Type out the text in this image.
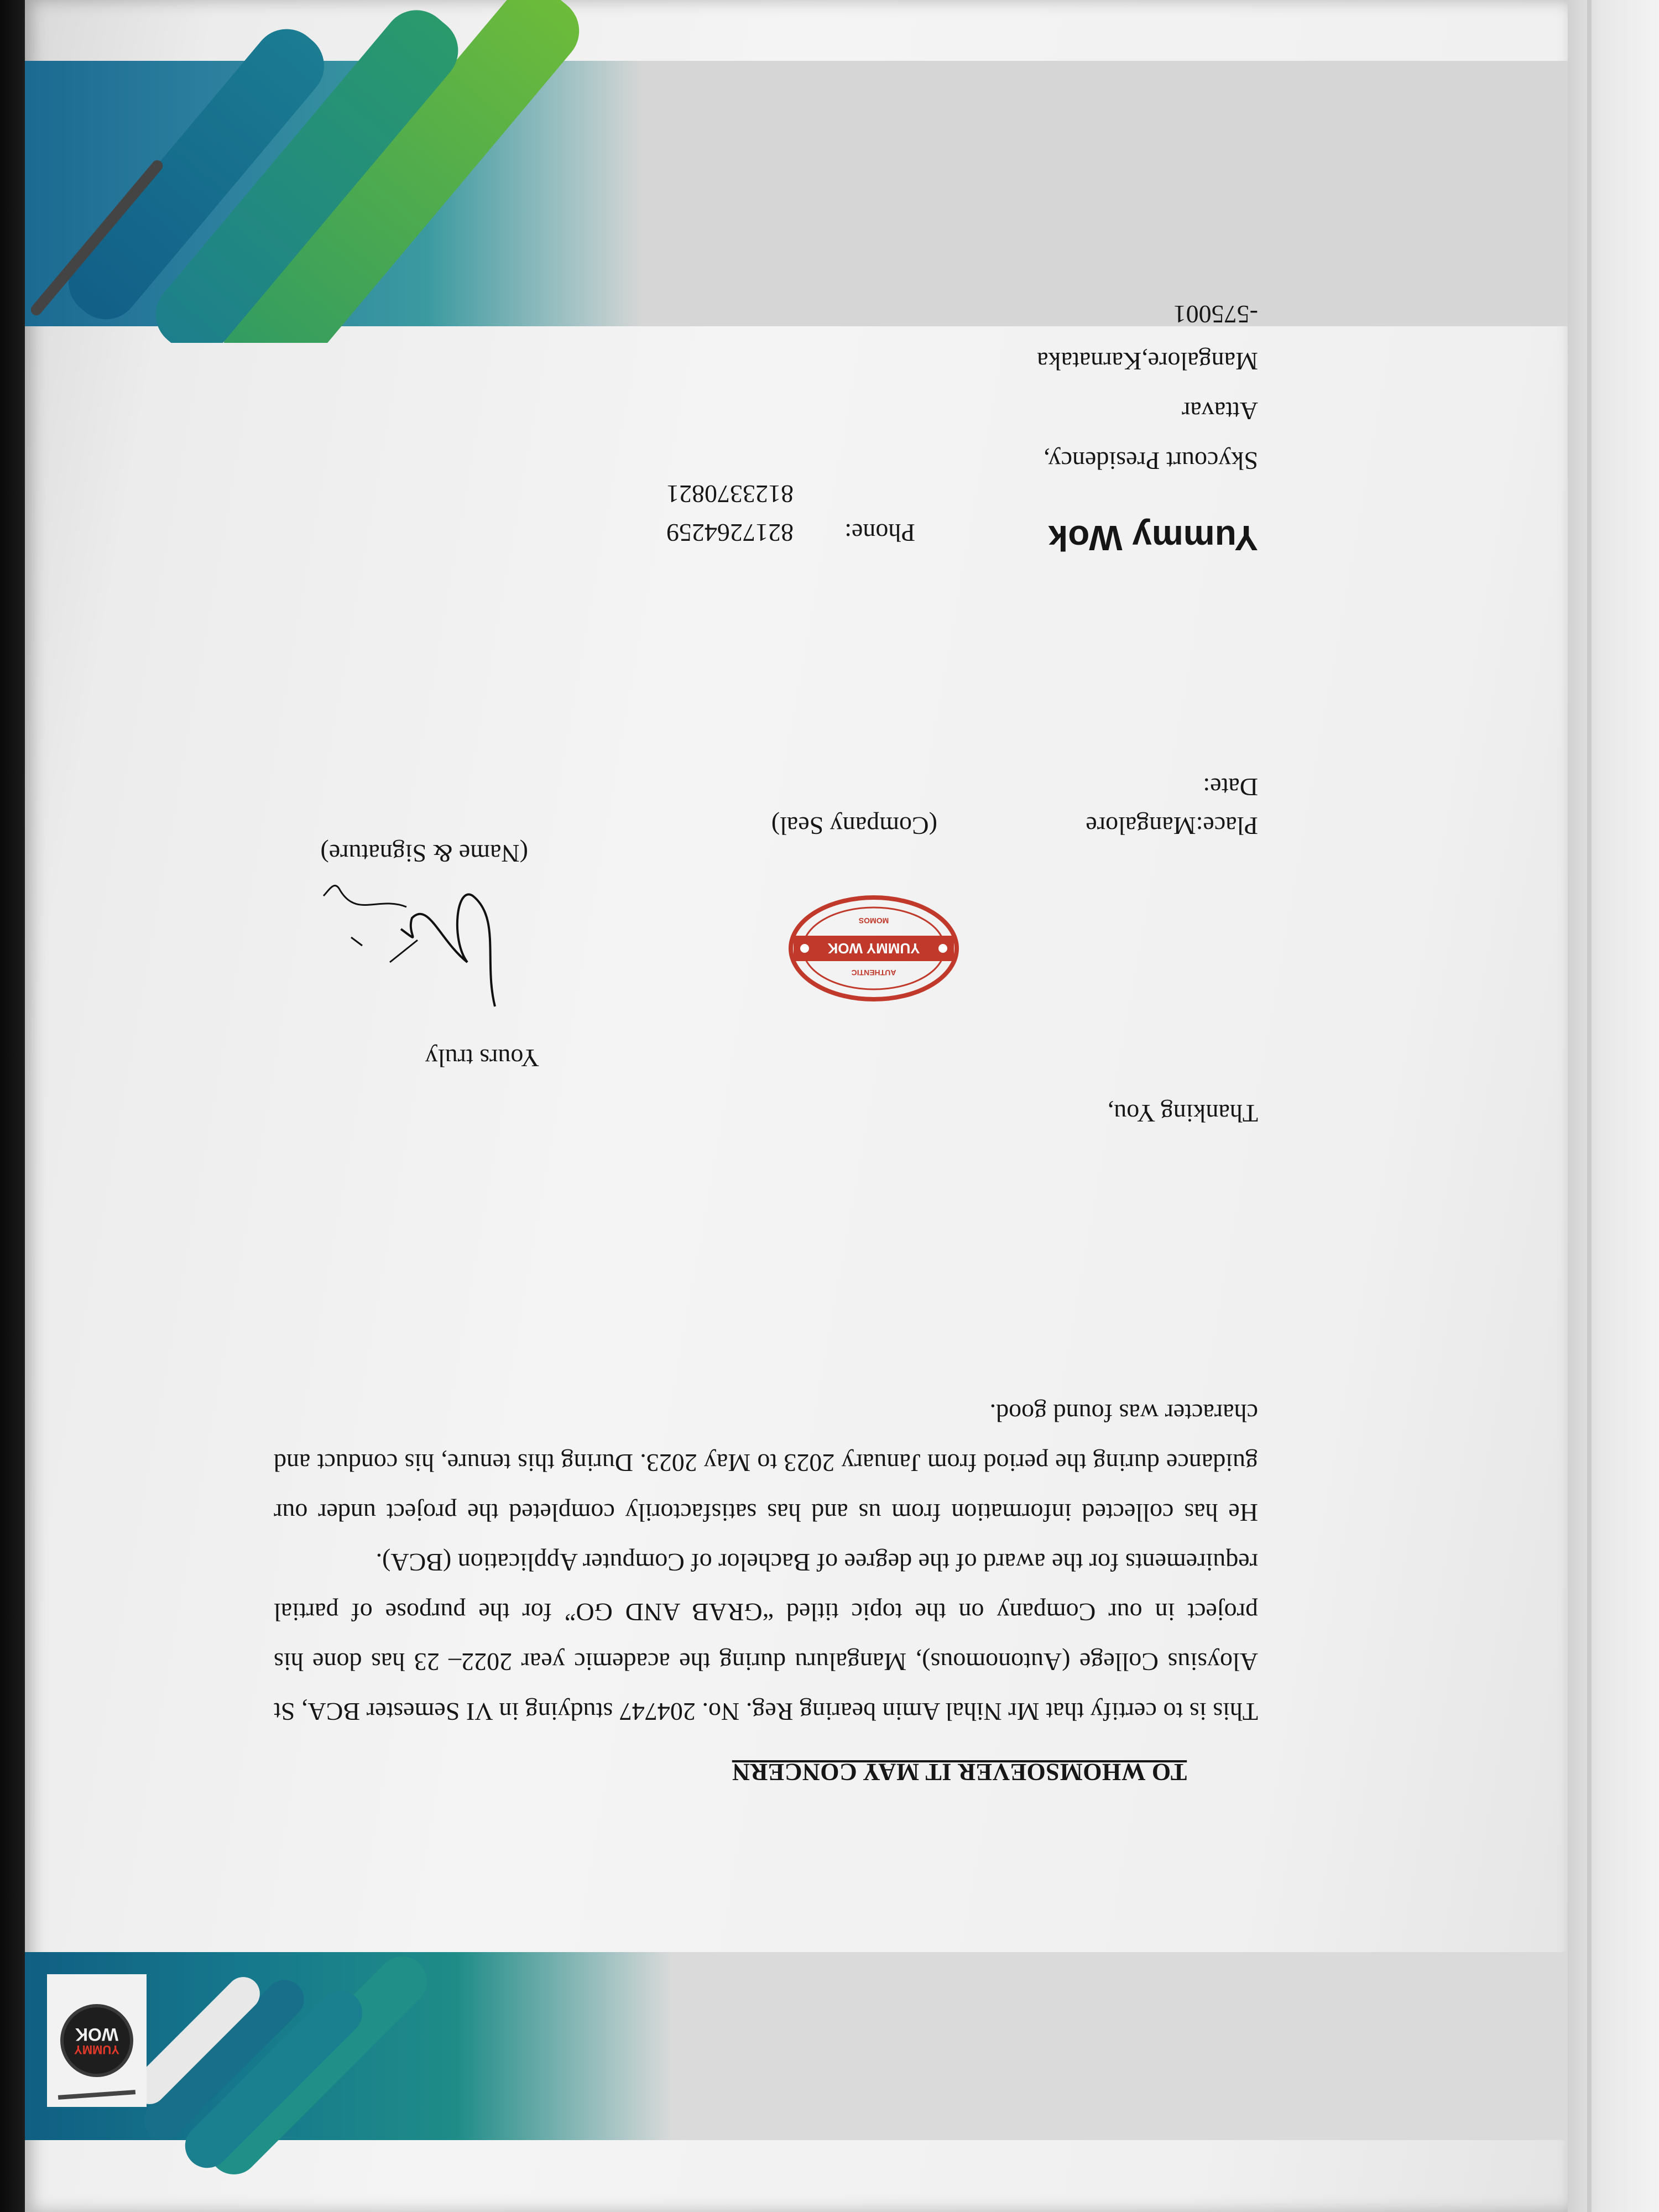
YUMMY
WOK
TO WHOMSOEVER IT MAY CONCERN

This is to certify that Mr Nihal Amin bearing Reg. No. 204747 studying in VI Semester BCA, St Aloysius College (Autonomous), Mangaluru during the academic year 2022– 23 has done his project in our Company on the topic titled “GRAB AND GO” for the purpose of partial requirements for the award of the degree of Bachelor of Computer Application (BCA).

He has collected information from us and has satisfactorily completed the project under our guidance during the period from January 2023 to May 2023. During this tenure, his conduct and character was found good.

Thanking You,
Yours truly
YUMMY WOK
AUTHENTIC
MOMOS
(Name & Signature)
(Company Seal)	Place:Mangalore
Date:
Yummy Wok
Phone:
8217264259
8123370821
Skycourt Presidency,
Attavar
Mangalore,Karnataka
-575001
